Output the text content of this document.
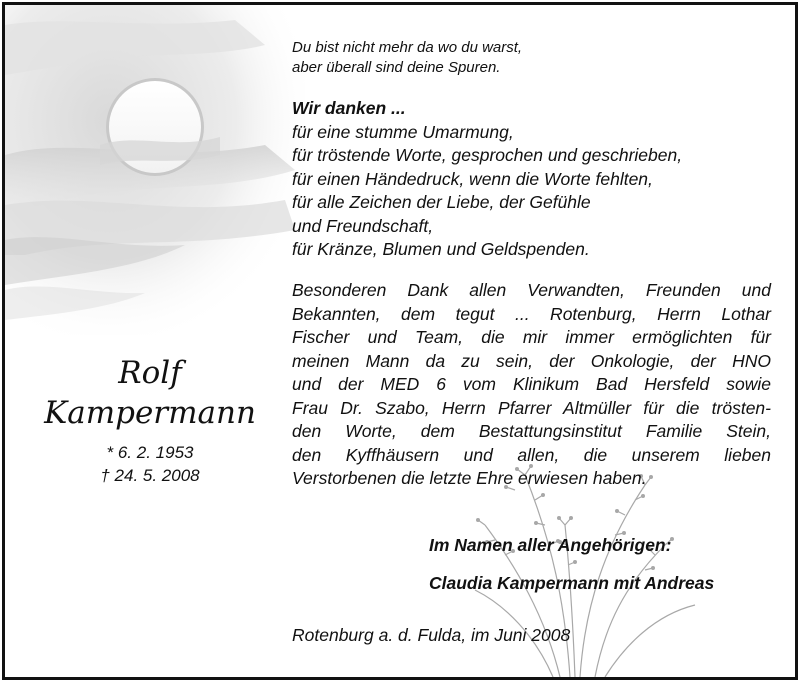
Du bist nicht mehr da wo du warst,
aber überall sind deine Spuren.
Wir danken ...
für eine stumme Umarmung,
für tröstende Worte, gesprochen und geschrieben,
für einen Händedruck, wenn die Worte fehlten,
für alle Zeichen der Liebe, der Gefühle
und Freundschaft,
für Kränze, Blumen und Geldspenden.
Besonderen Dank allen Verwandten, Freunden und
Bekannten, dem tegut ... Rotenburg, Herrn Lothar
Fischer und Team, die mir immer ermöglichten für
meinen Mann da zu sein, der Onkologie, der HNO
und der MED 6 vom Klinikum Bad Hersfeld sowie
Frau Dr. Szabo, Herrn Pfarrer Altmüller für die trösten-
den Worte, dem Bestattungsinstitut Familie Stein,
den Kyffhäusern und allen, die unserem lieben
Verstorbenen die letzte Ehre erwiesen haben.
Rolf
Kampermann
* 6. 2. 1953
† 24. 5. 2008
Im Namen aller Angehörigen:
Claudia Kampermann mit Andreas
Rotenburg a. d. Fulda, im Juni 2008
